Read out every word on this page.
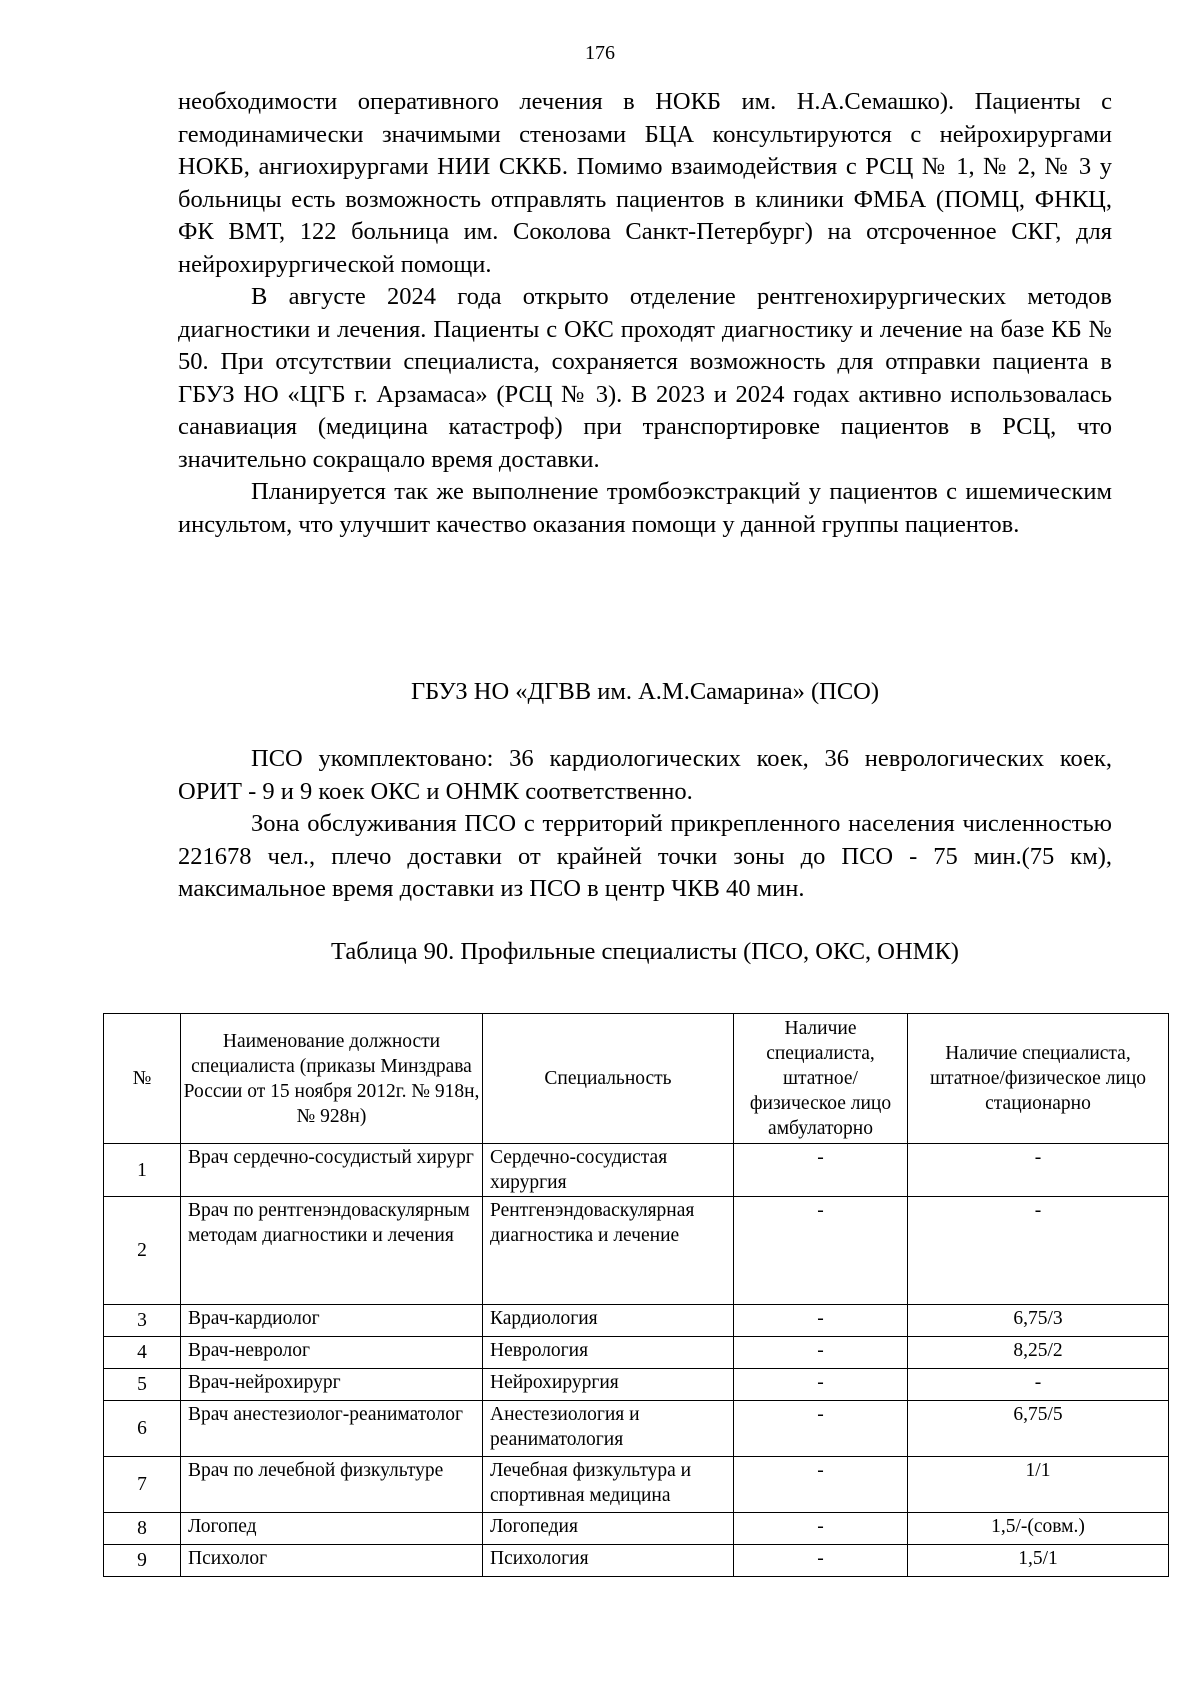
176

необходимости оперативного лечения в НОКБ им. Н.А.Семашко). Пациенты с гемодинамически значимыми стенозами БЦА консультируются с нейрохирургами НОКБ, ангиохирургами НИИ СККБ. Помимо взаимодействия с РСЦ № 1, № 2, № 3 у больницы есть возможность отправлять пациентов в клиники ФМБА (ПОМЦ, ФНКЦ, ФК ВМТ, 122 больница им. Соколова Санкт-Петербург) на отсроченное СКГ, для нейрохирургической помощи.

В августе 2024 года открыто отделение рентгенохирургических методов диагностики и лечения. Пациенты с ОКС проходят диагностику и лечение на базе КБ № 50. При отсутствии специалиста, сохраняется возможность для отправки пациента в ГБУЗ НО «ЦГБ г. Арзамаса» (РСЦ № 3). В 2023 и 2024 годах активно использовалась санавиация (медицина катастроф) при транспортировке пациентов в РСЦ, что значительно сокращало время доставки.

Планируется так же выполнение тромбоэкстракций у пациентов с ишемическим инсультом, что улучшит качество оказания помощи у данной группы пациентов.

ГБУЗ НО «ДГВВ им. А.М.Самарина» (ПСО)

ПСО укомплектовано: 36 кардиологических коек, 36 неврологических коек, ОРИТ - 9 и 9 коек ОКС и ОНМК соответственно.

Зона обслуживания ПСО с территорий прикрепленного населения численностью 221678 чел., плечо доставки от крайней точки зоны до ПСО - 75 мин.(75 км), максимальное время доставки из ПСО в центр ЧКВ 40 мин.

Таблица 90. Профильные специалисты (ПСО, ОКС, ОНМК)
№	Наименование должности специалиста (приказы Минздрава России от 15 ноября 2012г. № 918н, № 928н)	Специальность	Наличие специалиста, штатное/физическое лицо амбулаторно	Наличие специалиста, штатное/физическое лицо стационарно
1	Врач сердечно-сосудистый хирург	Сердечно-сосудистая хирургия	-	-
2	Врач по рентгенэндоваскулярным методам диагностики и лечения	Рентгенэндоваскулярная диагностика и лечение	-	-
3	Врач-кардиолог	Кардиология	-	6,75/3
4	Врач-невролог	Неврология	-	8,25/2
5	Врач-нейрохирург	Нейрохирургия	-	-
6	Врач анестезиолог-реаниматолог	Анестезиология и реаниматология	-	6,75/5
7	Врач по лечебной физкультуре	Лечебная физкультура и спортивная медицина	-	1/1
8	Логопед	Логопедия	-	1,5/-(совм.)
9	Психолог	Психология	-	1,5/1
